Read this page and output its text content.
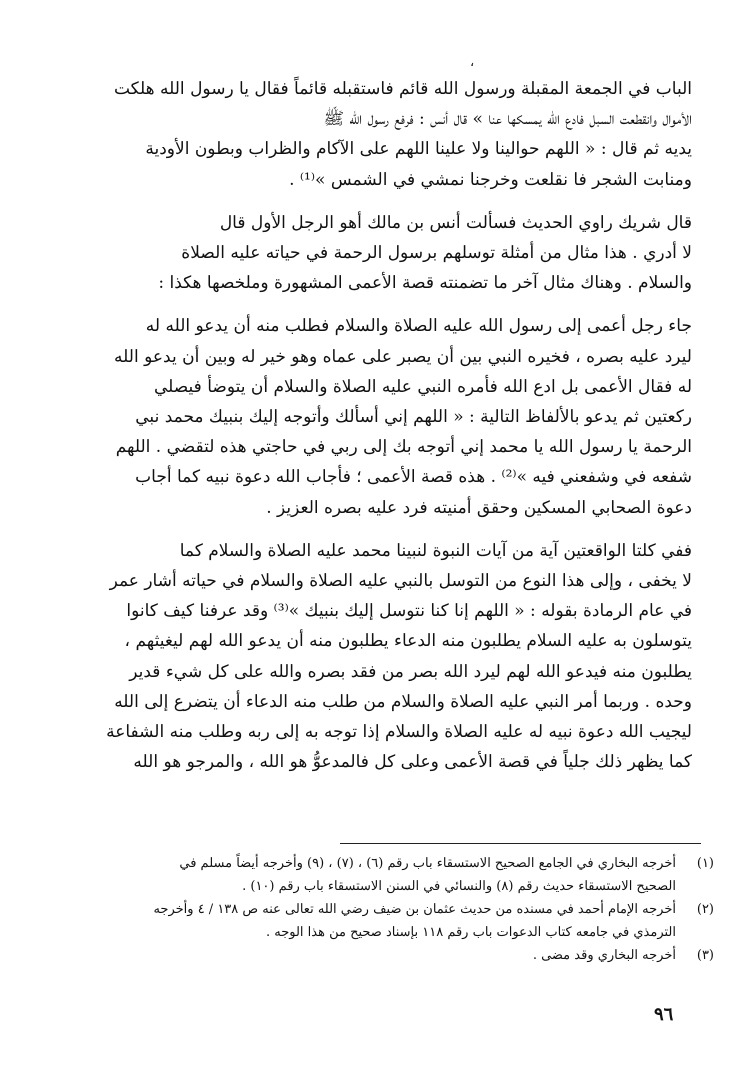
،
الباب في الجمعة المقبلة ورسول الله قائم فاستقبله قائماً فقال يا رسول الله هلكت
الأموال وانقطعت السبل فادع الله يمسكها عنا » قال أنس : فرفع رسول الله ﷺ
يديه ثم قال : « اللهم حوالينا ولا علينا اللهم على الآكام والظراب وبطون الأودية
ومنابت الشجر فا نقلعت وخرجنا نمشي في الشمس »⁽¹⁾ .
قال شريك راوي الحديث فسألت أنس بن مالك أهو الرجل الأول قال
لا أدري . هذا مثال من أمثلة توسلهم برسول الرحمة في حياته عليه الصلاة
والسلام . وهناك مثال آخر ما تضمنته قصة الأعمى المشهورة وملخصها هكذا :
جاء رجل أعمى إلى رسول الله عليه الصلاة والسلام فطلب منه أن يدعو الله له
ليرد عليه بصره ، فخيره النبي بين أن يصبر على عماه وهو خير له وبين أن يدعو الله
له فقال الأعمى بل ادع الله فأمره النبي عليه الصلاة والسلام أن يتوضأ فيصلي
ركعتين ثم يدعو بالألفاظ التالية : « اللهم إني أسألك وأتوجه إليك بنبيك محمد نبي
الرحمة يا رسول الله يا محمد إني أتوجه بك إلى ربي في حاجتي هذه لتقضي . اللهم
شفعه في وشفعني فيه »⁽²⁾ . هذه قصة الأعمى ؛ فأجاب الله دعوة نبيه كما أجاب
دعوة الصحابي المسكين وحقق أمنيته فرد عليه بصره العزيز .
ففي كلتا الواقعتين آية من آيات النبوة لنبينا محمد عليه الصلاة والسلام كما
لا يخفى ، وإلى هذا النوع من التوسل بالنبي عليه الصلاة والسلام في حياته أشار عمر
في عام الرمادة بقوله : « اللهم إنا كنا نتوسل إليك بنبيك »⁽³⁾ وقد عرفنا كيف كانوا
يتوسلون به عليه السلام يطلبون منه الدعاء يطلبون منه أن يدعو الله لهم ليغيثهم ،
يطلبون منه فيدعو الله لهم ليرد الله بصر من فقد بصره والله على كل شيء قدير
وحده . وربما أمر النبي عليه الصلاة والسلام من طلب منه الدعاء أن يتضرع إلى الله
ليجيب الله دعوة نبيه له عليه الصلاة والسلام إذا توجه به إلى ربه وطلب منه الشفاعة
كما يظهر ذلك جلياً في قصة الأعمى وعلى كل فالمدعوُّ هو الله ، والمرجو هو الله
(١)
أخرجه البخاري في الجامع الصحيح الاستسقاء باب رقم (٦) ، (٧) ، (٩) وأخرجه أيضاً مسلم في
الصحيح الاستسقاء حديث رقم (٨) والنسائي في السنن الاستسقاء باب رقم (١٠) .
(٢)
أخرجه الإمام أحمد في مسنده من حديث عثمان بن ضيف رضي الله تعالى عنه ص ١٣٨ / ٤ وأخرجه
الترمذي في جامعه كتاب الدعوات باب رقم ١١٨ بإسناد صحيح من هذا الوجه .
(٣)
أخرجه البخاري وقد مضى .
٩٦
